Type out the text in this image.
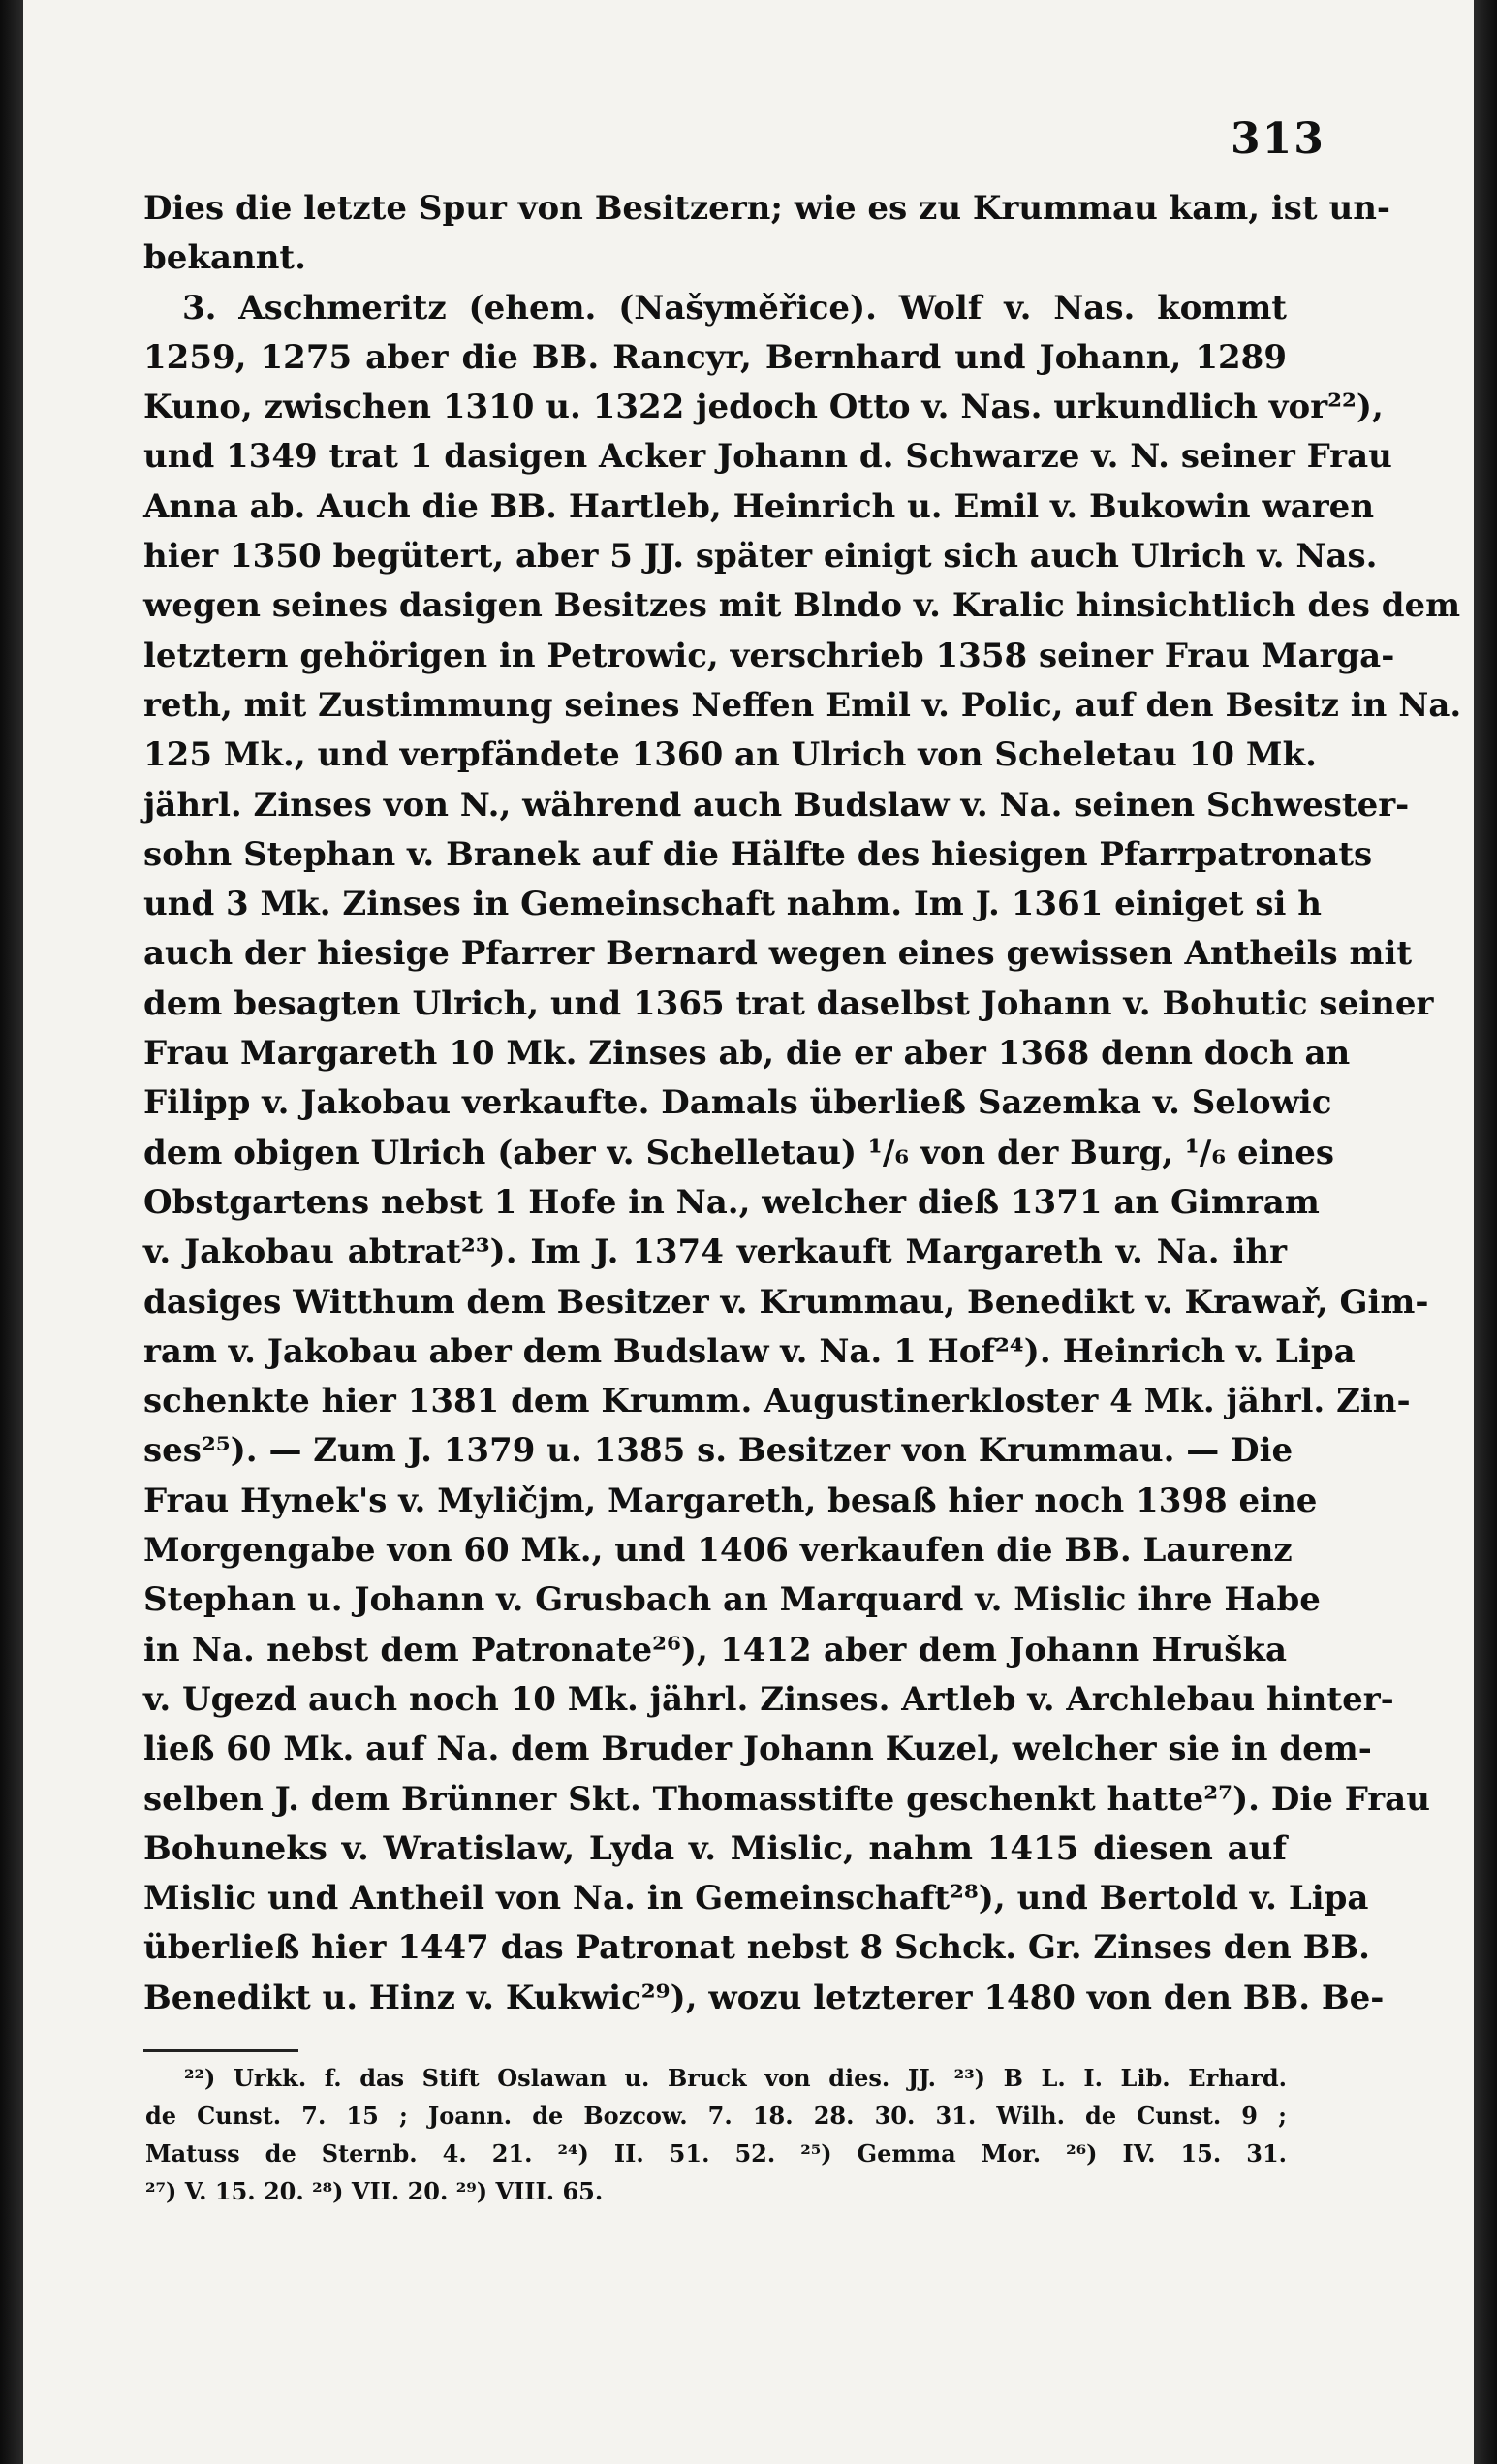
313
Dies die letzte Spur von Besitzern; wie es zu Krummau kam, ist un-
bekannt.
3. Aschmeritz (ehem. (Našyměřice). Wolf v. Nas. kommt
1259, 1275 aber die BB. Rancyr, Bernhard und Johann, 1289
Kuno, zwischen 1310 u. 1322 jedoch Otto v. Nas. urkundlich vor²²),
und 1349 trat 1 dasigen Acker Johann d. Schwarze v. N. seiner Frau
Anna ab. Auch die BB. Hartleb, Heinrich u. Emil v. Bukowin waren
hier 1350 begütert, aber 5 JJ. später einigt sich auch Ulrich v. Nas.
wegen seines dasigen Besitzes mit Blndo v. Kralic hinsichtlich des dem
letztern gehörigen in Petrowic, verschrieb 1358 seiner Frau Marga-
reth, mit Zustimmung seines Neffen Emil v. Polic, auf den Besitz in Na.
125 Mk., und verpfändete 1360 an Ulrich von Scheletau 10 Mk.
jährl. Zinses von N., während auch Budslaw v. Na. seinen Schwester-
sohn Stephan v. Branek auf die Hälfte des hiesigen Pfarrpatronats
und 3 Mk. Zinses in Gemeinschaft nahm. Im J. 1361 einiget si h
auch der hiesige Pfarrer Bernard wegen eines gewissen Antheils mit
dem besagten Ulrich, und 1365 trat daselbst Johann v. Bohutic seiner
Frau Margareth 10 Mk. Zinses ab, die er aber 1368 denn doch an
Filipp v. Jakobau verkaufte. Damals überließ Sazemka v. Selowic
dem obigen Ulrich (aber v. Schelletau) ¹/₆ von der Burg, ¹/₆ eines
Obstgartens nebst 1 Hofe in Na., welcher dieß 1371 an Gimram
v. Jakobau abtrat²³). Im J. 1374 verkauft Margareth v. Na. ihr
dasiges Witthum dem Besitzer v. Krummau, Benedikt v. Krawař, Gim-
ram v. Jakobau aber dem Budslaw v. Na. 1 Hof²⁴). Heinrich v. Lipa
schenkte hier 1381 dem Krumm. Augustinerkloster 4 Mk. jährl. Zin-
ses²⁵). — Zum J. 1379 u. 1385 s. Besitzer von Krummau. — Die
Frau Hynek's v. Myličjm, Margareth, besaß hier noch 1398 eine
Morgengabe von 60 Mk., und 1406 verkaufen die BB. Laurenz
Stephan u. Johann v. Grusbach an Marquard v. Mislic ihre Habe
in Na. nebst dem Patronate²⁶), 1412 aber dem Johann Hruška
v. Ugezd auch noch 10 Mk. jährl. Zinses. Artleb v. Archlebau hinter-
ließ 60 Mk. auf Na. dem Bruder Johann Kuzel, welcher sie in dem-
selben J. dem Brünner Skt. Thomasstifte geschenkt hatte²⁷). Die Frau
Bohuneks v. Wratislaw, Lyda v. Mislic, nahm 1415 diesen auf
Mislic und Antheil von Na. in Gemeinschaft²⁸), und Bertold v. Lipa
überließ hier 1447 das Patronat nebst 8 Schck. Gr. Zinses den BB.
Benedikt u. Hinz v. Kukwic²⁹), wozu letzterer 1480 von den BB. Be-
²²) Urkk. f. das Stift Oslawan u. Bruck von dies. JJ. ²³) B L. I. Lib. Erhard.
de Cunst. 7. 15 ; Joann. de Bozcow. 7. 18. 28. 30. 31. Wilh. de Cunst. 9 ;
Matuss de Sternb. 4. 21. ²⁴) II. 51. 52. ²⁵) Gemma Mor. ²⁶) IV. 15. 31.
²⁷) V. 15. 20. ²⁸) VII. 20. ²⁹) VIII. 65.
